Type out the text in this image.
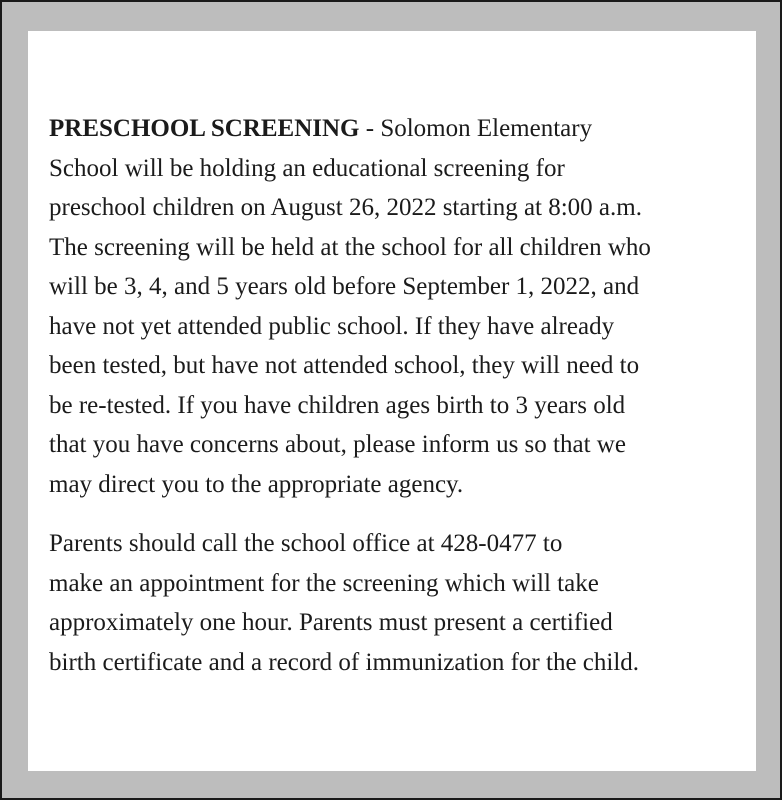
PRESCHOOL SCREENING - Solomon Elementary
School will be holding an educational screening for
preschool children on August 26, 2022 starting at 8:00 a.m.
The screening will be held at the school for all children who
will be 3, 4, and 5 years old before September 1, 2022, and
have not yet attended public school. If they have already
been tested, but have not attended school, they will need to
be re-tested. If you have children ages birth to 3 years old
that you have concerns about, please inform us so that we
may direct you to the appropriate agency.

Parents should call the school office at 428-0477 to
make an appointment for the screening which will take
approximately one hour. Parents must present a certified
birth certificate and a record of immunization for the child.
